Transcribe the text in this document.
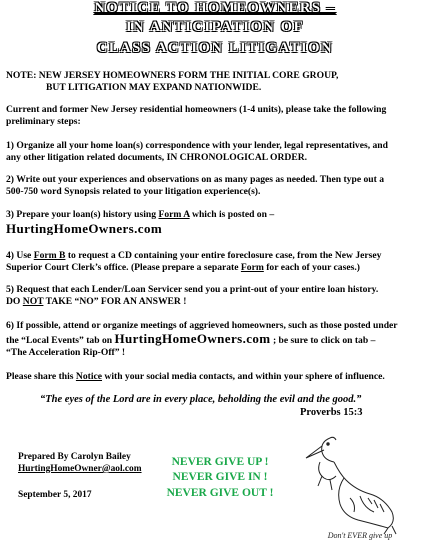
NOTICE TO HOMEOWNERS –
IN ANTICIPATION OF
CLASS ACTION LITIGATION
NOTE: NEW JERSEY HOMEOWNERS FORM THE INITIAL CORE GROUP,
BUT LITIGATION MAY EXPAND NATIONWIDE.
Current and former New Jersey residential homeowners (1-4 units), please take the following
preliminary steps:
1) Organize all your home loan(s) correspondence with your lender, legal representatives, and
any other litigation related documents, IN CHRONOLOGICAL ORDER.
2) Write out your experiences and observations on as many pages as needed. Then type out a
500-750 word Synopsis related to your litigation experience(s).
3) Prepare your loan(s) history using Form A which is posted on –
HurtingHomeOwners.com
4) Use Form B to request a CD containing your entire foreclosure case, from the New Jersey
Superior Court Clerk’s office. (Please prepare a separate Form for each of your cases.)
5) Request that each Lender/Loan Servicer send you a print-out of your entire loan history.
DO NOT TAKE “NO” FOR AN ANSWER !
6) If possible, attend or organize meetings of aggrieved homeowners, such as those posted under
the “Local Events” tab on HurtingHomeOwners.com ; be sure to click on tab –
“The Acceleration Rip-Off” !
Please share this Notice with your social media contacts, and within your sphere of influence.
“The eyes of the Lord are in every place, beholding the evil and the good.”
Proverbs 15:3
Prepared By Carolyn Bailey
HurtingHomeOwner@aol.com
September 5, 2017
NEVER GIVE UP !
NEVER GIVE IN !
NEVER GIVE OUT !
Don't EVER give up
